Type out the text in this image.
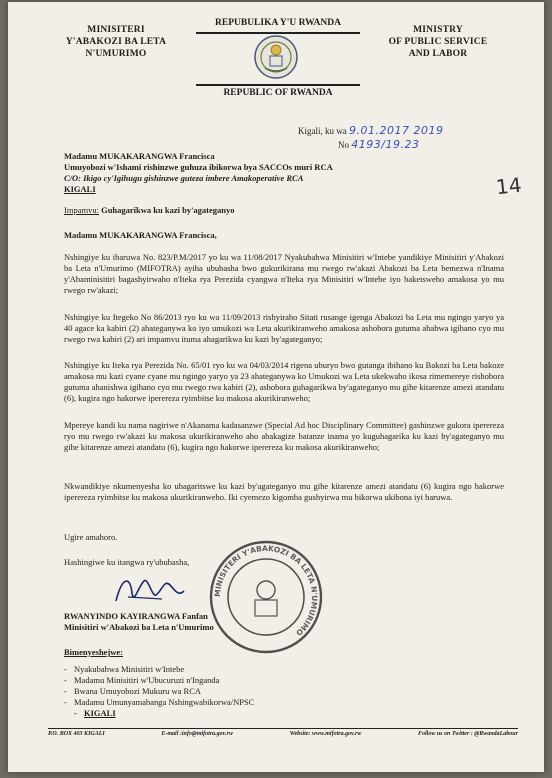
MINISITERI
Y'ABAKOZI BA LETA
N'UMURIMO
REPUBULIKA Y'U RWANDA
REPUBLIC OF RWANDA
MINISTRY
OF PUBLIC SERVICE
AND LABOR
Kigali, ku wa 9.01.2017 2019
No 4193/19.23
14
Madamu MUKAKARANGWA Francisca
Umuyobozi w'Ishami rishinzwe guhuza ibikorwa bya SACCOs muri RCA
C/O: Ikigo cy'Igihugu gishinzwe guteza imbere Amakoperative RCA
KIGALI
Impamvu: Guhagarikwa ku kazi by'agateganyo
Madamu MUKAKARANGWA Francisca,
Nshingiye ku ibaruwa No. 823/P.M/2017 yo ku wa 11/08/2017 Nyakubahwa Minisitiri w'Intebe yandikiye Minisitiri y'Abakozi ba Leta n'Umurimo (MIFOTRA) ayiha ububasha bwo gukurikirana mu rwego rw'akazi Abakozi ba Leta bemezwa n'Inama y'Abaminisitiri bagashyirwaho n'Iteka rya Perezida cyangwa n'Iteka rya Minisitiri w'Intebe iyo baketsweho amakosa yo mu rwego rw'akazi;
Nshingiye ku Itegeko No 86/2013 ryo ku wa 11/09/2013 rishyiraho Sitati rusange igenga Abakozi ba Leta mu ngingo yaryo ya 40 agace ka kabiri (2) ahateganywa ko iyo umukozi wa Leta akurikiranweho amakosa ashobora gutuma ahabwa igihano cyo mu rwego rwa kabiri (2) ari impamvu ituma ahagarikwa ku kazi by'agateganyo;
Nshingiye ku Iteka rya Perezida No. 65/01 ryo ku wa 04/03/2014 rigena uburyo bwo gutanga ibihano ku Bakozi ba Leta bakoze amakosa mu kazi cyane cyane mu ngingo yaryo ya 23 ahateganywa ko Umukozi wa Leta ukekwaho ikosa rimemereye rishobora gutuma ahanishwa igihano cyo mu rwego rwa kabiri (2), ashobora guhagarikwa by'agateganyo mu gihe kitarenze amezi atandatu (6), kugira ngo hakorwe iperereza ryimbitse ku makosa akurikiranweho;
Mpereye kandi ku nama nagiriwe n'Akanama kadasanzwe (Special Ad hoc Disciplinary Committee) gashinzwe gukora iperereza ryo mu rwego rw'akazi ku makosa ukurikiranweho aho abakagize batanze inama yo kuguhagarika ku kazi by'agateganyo mu gihe kitarenze amezi atandatu (6), kugira ngo hakorwe iperereza ku makosa akurikiranweho;
Nkwandikiye nkumenyesha ko uhagaritswe ku kazi by'agateganyo mu gihe kitarenze amezi atandatu (6) kugira ngo hakorwe iperereza ryimbitse ku makosa ukurikiranweho. Iki cyemezo kigomba gushyirwa mu bikorwa ukibona iyi baruwa.
Ugire amahoro.
Hashingiwe ku itangwa ry'ububasha,
MINISITERI Y'ABAKOZI BA LETA N'UMURIMO
RWANYINDO KAYIRANGWA Fanfan
Minisitiri w'Abakozi ba Leta n'Umurimo
Bimenyeshejwe:
- Nyakubahwa Minisitiri w'Intebe
- Madamu Minisitiri w'Ubucuruzi n'Inganda
- Bwana Umuyobozi Mukuru wa RCA
- Madamu Umunyamabanga Nshingwabikorwa/NPSC
- KIGALI
P.O. BOX 403 KIGALI	E-mail :info@mifotra.gov.rw	Website: www.mifotra.gov.rw	Follow us on Twitter : @RwandaLabour
